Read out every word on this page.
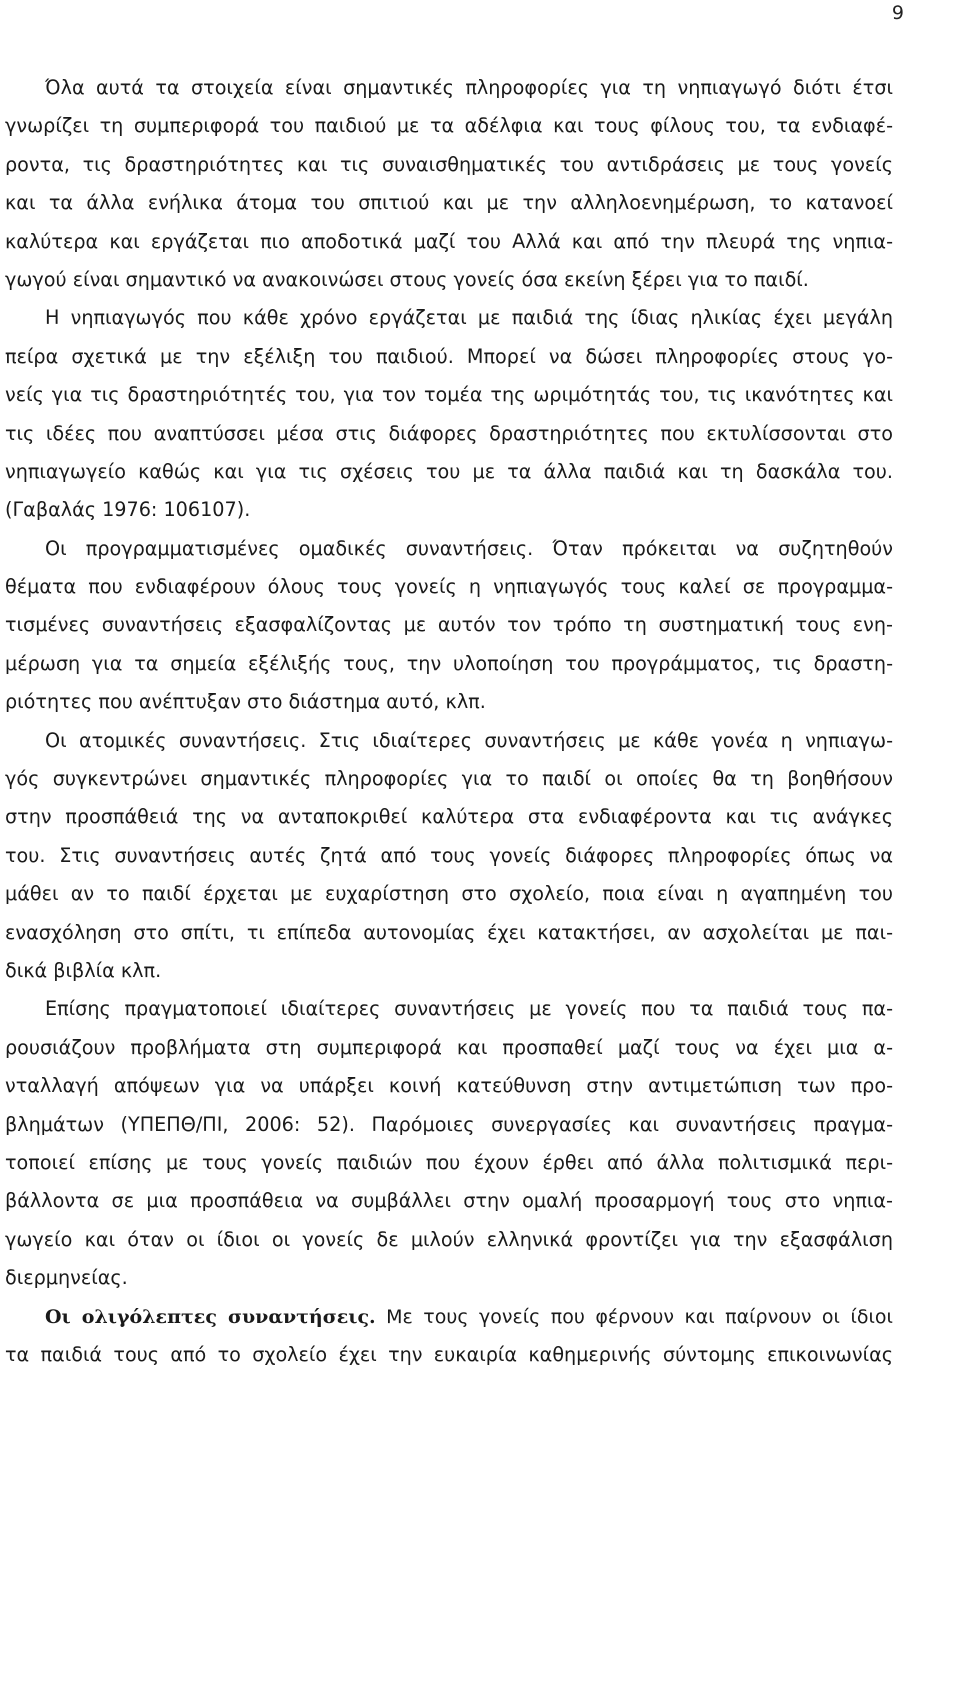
9
Όλα αυτά τα στοιχεία είναι σημαντικές πληροφορίες για τη νηπιαγωγό διότι έτσι
γνωρίζει τη συμπεριφορά του παιδιού με τα αδέλφια και τους φίλους του, τα ενδιαφέ-
ροντα, τις δραστηριότητες και τις συναισθηματικές του αντιδράσεις με τους γονείς
και τα άλλα ενήλικα άτομα του σπιτιού και με την αλληλοενημέρωση, το κατανοεί
καλύτερα και εργάζεται πιο αποδοτικά μαζί του Αλλά και από την πλευρά της νηπια-
γωγού είναι σημαντικό να ανακοινώσει στους γονείς όσα εκείνη ξέρει για το παιδί.
Η νηπιαγωγός που κάθε χρόνο εργάζεται με παιδιά της ίδιας ηλικίας έχει μεγάλη
πείρα σχετικά με την εξέλιξη του παιδιού. Μπορεί να δώσει πληροφορίες στους γο-
νείς για τις δραστηριότητές του, για τον τομέα της ωριμότητάς του, τις ικανότητες και
τις ιδέες που αναπτύσσει μέσα στις διάφορες δραστηριότητες που εκτυλίσσονται στο
νηπιαγωγείο καθώς και για τις σχέσεις του με τα άλλα παιδιά και τη δασκάλα του.
(Γαβαλάς 1976: 106107).
Οι προγραμματισμένες ομαδικές συναντήσεις. Όταν πρόκειται να συζητηθούν
θέματα που ενδιαφέρουν όλους τους γονείς η νηπιαγωγός τους καλεί σε προγραμμα-
τισμένες συναντήσεις εξασφαλίζοντας με αυτόν τον τρόπο τη συστηματική τους ενη-
μέρωση για τα σημεία εξέλιξής τους, την υλοποίηση του προγράμματος, τις δραστη-
ριότητες που ανέπτυξαν στο διάστημα αυτό, κλπ.
Οι ατομικές συναντήσεις. Στις ιδιαίτερες συναντήσεις με κάθε γονέα η νηπιαγω-
γός συγκεντρώνει σημαντικές πληροφορίες για το παιδί οι οποίες θα τη βοηθήσουν
στην προσπάθειά της να ανταποκριθεί καλύτερα στα ενδιαφέροντα και τις ανάγκες
του. Στις συναντήσεις αυτές ζητά από τους γονείς διάφορες πληροφορίες όπως να
μάθει αν το παιδί έρχεται με ευχαρίστηση στο σχολείο, ποια είναι η αγαπημένη του
ενασχόληση στο σπίτι, τι επίπεδα αυτονομίας έχει κατακτήσει, αν ασχολείται με παι-
δικά βιβλία κλπ.
Επίσης πραγματοποιεί ιδιαίτερες συναντήσεις με γονείς που τα παιδιά τους πα-
ρουσιάζουν προβλήματα στη συμπεριφορά και προσπαθεί μαζί τους να έχει μια α-
νταλλαγή απόψεων για να υπάρξει κοινή κατεύθυνση στην αντιμετώπιση των προ-
βλημάτων (ΥΠΕΠΘ/ΠΙ, 2006: 52). Παρόμοιες συνεργασίες και συναντήσεις πραγμα-
τοποιεί επίσης με τους γονείς παιδιών που έχουν έρθει από άλλα πολιτισμικά περι-
βάλλοντα σε μια προσπάθεια να συμβάλλει στην ομαλή προσαρμογή τους στο νηπια-
γωγείο και όταν οι ίδιοι οι γονείς δε μιλούν ελληνικά φροντίζει για την εξασφάλιση
διερμηνείας.
Οι ολιγόλεπτες συναντήσεις. Με τους γονείς που φέρνουν και παίρνουν οι ίδιοι
τα παιδιά τους από το σχολείο έχει την ευκαιρία καθημερινής σύντομης επικοινωνίας
